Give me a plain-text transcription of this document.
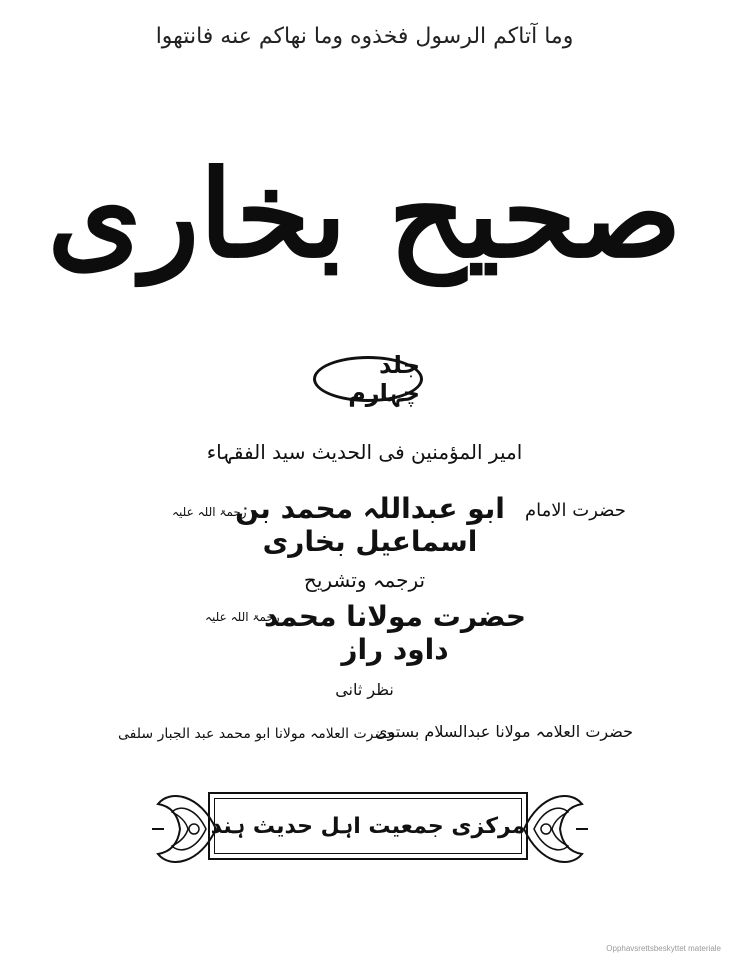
وما آتاكم الرسول فخذوه وما نهاكم عنه فانتهوا
صحیح بخاری
جلد چہارم
امیر المؤمنین فی الحدیث سید الفقہاء
حضرت الامام
ابو عبداللہ محمد بن اسماعیل بخاری
رحمۃ اللہ علیہ
ترجمہ وتشریح
حضرت مولانا محمد داود راز
رحمۃ اللہ علیہ
نظر ثانی
حضرت العلامہ مولانا عبدالسلام بستوی
حضرت العلامہ مولانا ابو محمد عبد الجبار سلفی
مرکزی جمعیت اہل حدیث ہند
Opphavsrettsbeskyttet materiale
